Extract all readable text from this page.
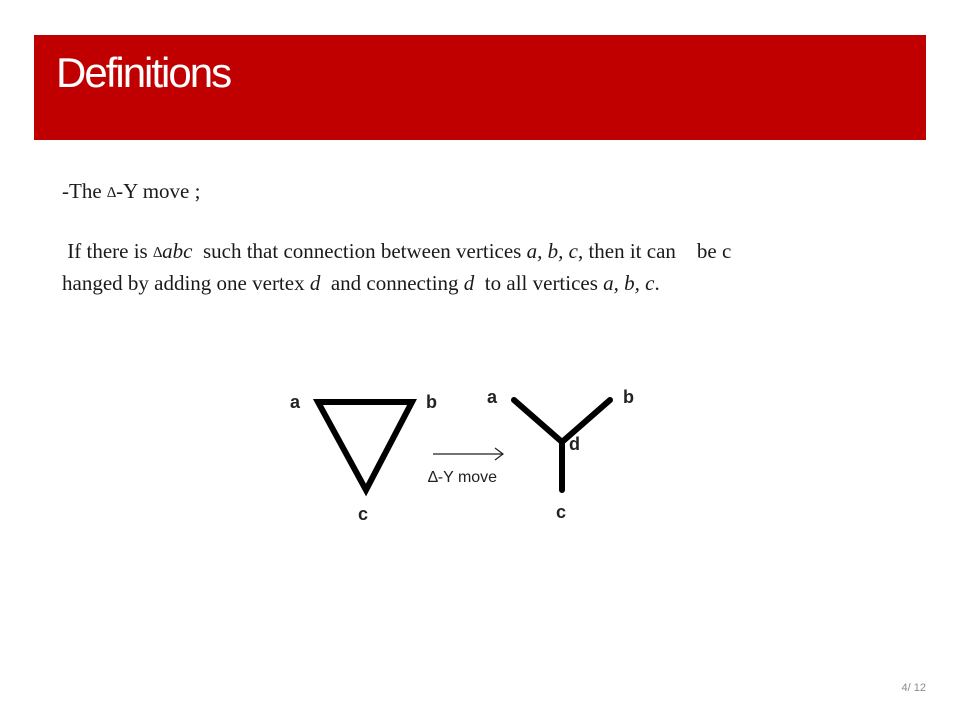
Definitions
-The ∆-Y move ;
If there is ∆abc  such that connection between vertices a, b, c, then it can    be c
hanged by adding one vertex d  and connecting d  to all vertices a, b, c.
a	b
c
∆-Y move
a	b
d
c
4/ 12
